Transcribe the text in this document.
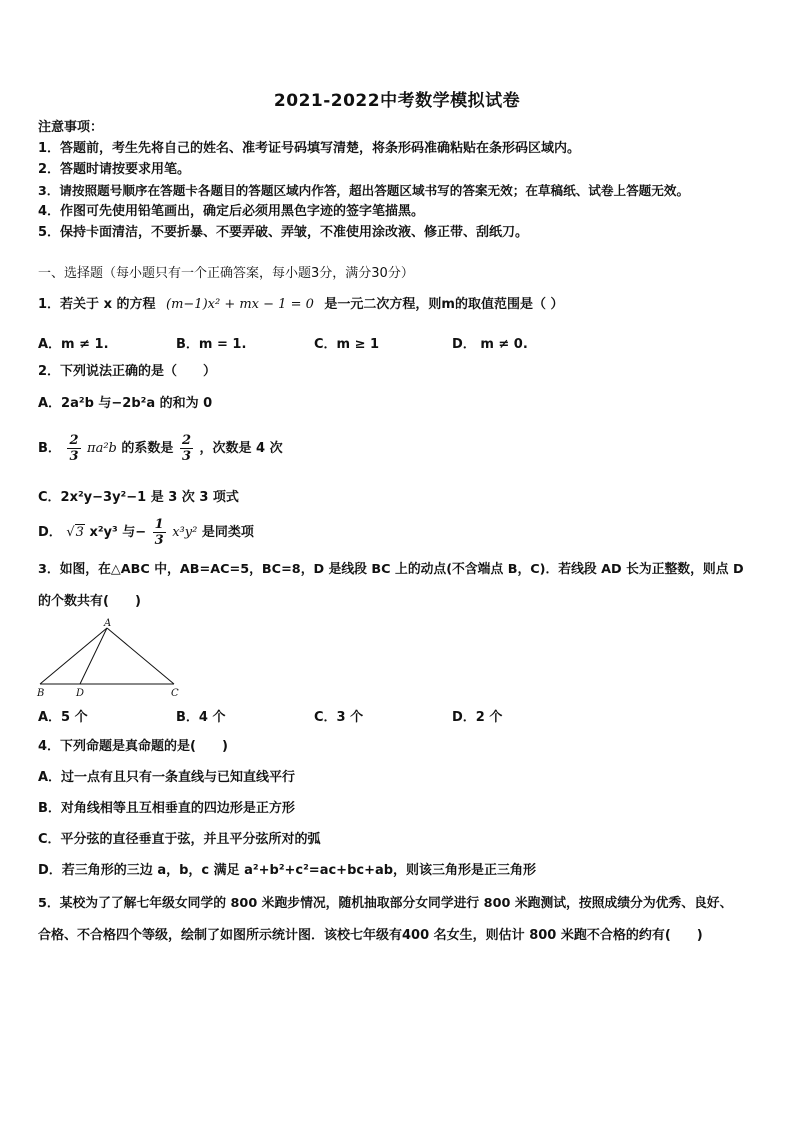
2021-2022中考数学模拟试卷
注意事项：
1．答题前，考生先将自己的姓名、准考证号码填写清楚，将条形码准确粘贴在条形码区域内。
2．答题时请按要求用笔。
3．请按照题号顺序在答题卡各题目的答题区域内作答，超出答题区域书写的答案无效；在草稿纸、试卷上答题无效。
4．作图可先使用铅笔画出，确定后必须用黑色字迹的签字笔描黑。
5．保持卡面清洁，不要折暴、不要弄破、弄皱，不准使用涂改液、修正带、刮纸刀。
一、选择题（每小题只有一个正确答案，每小题3分，满分30分）
1．若关于 x 的方程 (m−1)x² + mx − 1 = 0 是一元二次方程，则m的取值范围是（ ）
A．m ≠ 1.	B．m = 1.	C．m ≥ 1	D． m ≠ 0.
2．下列说法正确的是（　　）
A．2a²b 与−2b²a 的和为 0
B． $\frac{2}{3} \pi a^2b$ 的系数是 $\frac{2}{3}$ ，次数是 4 次
C．2x²y−3y²−1 是 3 次 3 项式
D． √3 x²y³ 与− $\frac{1}{3} x^3y^2$ 是同类项
3．如图，在△ABC 中，AB=AC=5，BC=8，D 是线段 BC 上的动点(不含端点 B，C)．若线段 AD 长为正整数，则点 D
的个数共有(　　)
A
B	D	C
A．5 个	B．4 个	C．3 个	D．2 个
4．下列命题是真命题的是(　　)
A．过一点有且只有一条直线与已知直线平行
B．对角线相等且互相垂直的四边形是正方形
C．平分弦的直径垂直于弦，并且平分弦所对的弧
D．若三角形的三边 a，b，c 满足 a²+b²+c²=ac+bc+ab，则该三角形是正三角形
5．某校为了了解七年级女同学的 800 米跑步情况，随机抽取部分女同学进行 800 米跑测试，按照成绩分为优秀、良好、
合格、不合格四个等级，绘制了如图所示统计图．该校七年级有400 名女生，则估计 800 米跑不合格的约有(　　)
